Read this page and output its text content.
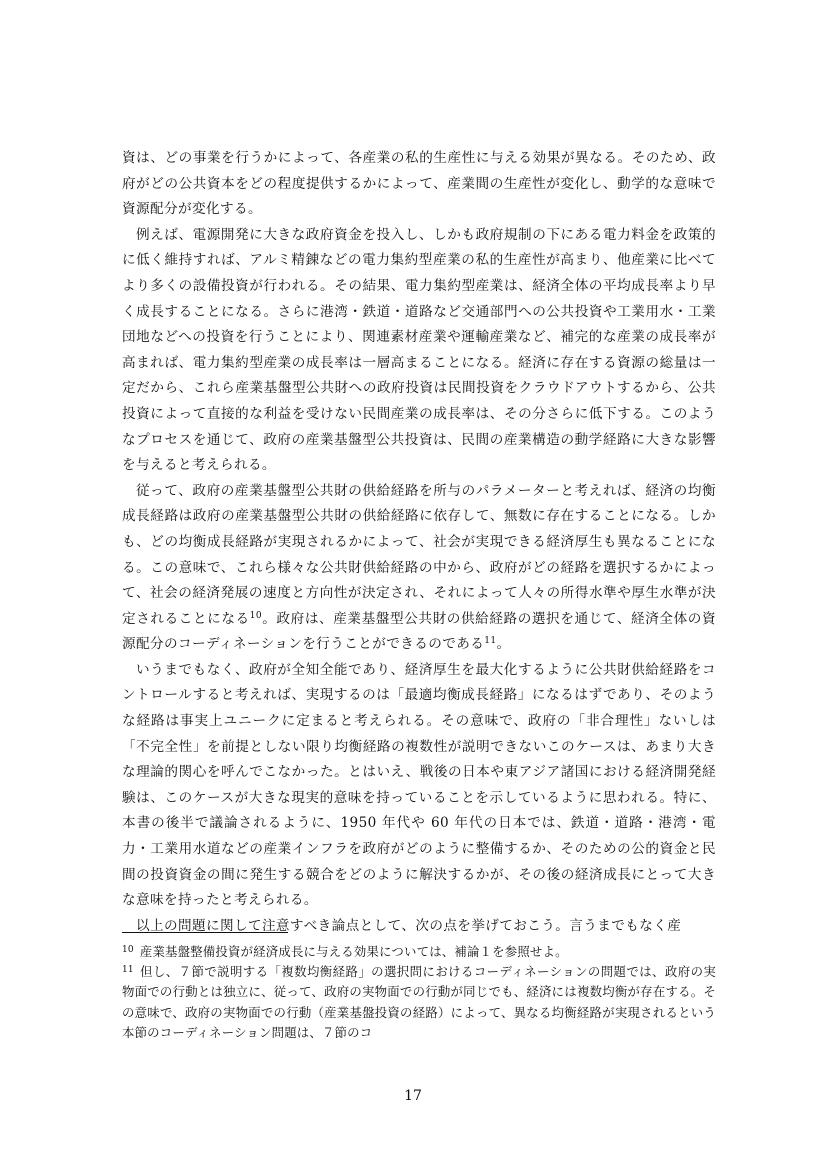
資は、どの事業を行うかによって、各産業の私的生産性に与える効果が異なる。そのため、政府がどの公共資本をどの程度提供するかによって、産業間の生産性が変化し、動学的な意味で資源配分が変化する。

例えば、電源開発に大きな政府資金を投入し、しかも政府規制の下にある電力料金を政策的に低く維持すれば、アルミ精錬などの電力集約型産業の私的生産性が高まり、他産業に比べてより多くの設備投資が行われる。その結果、電力集約型産業は、経済全体の平均成長率より早く成長することになる。さらに港湾・鉄道・道路など交通部門への公共投資や工業用水・工業団地などへの投資を行うことにより、関連素材産業や運輸産業など、補完的な産業の成長率が高まれば、電力集約型産業の成長率は一層高まることになる。経済に存在する資源の総量は一定だから、これら産業基盤型公共財への政府投資は民間投資をクラウドアウトするから、公共投資によって直接的な利益を受けない民間産業の成長率は、その分さらに低下する。このようなプロセスを通じて、政府の産業基盤型公共投資は、民間の産業構造の動学経路に大きな影響を与えると考えられる。

従って、政府の産業基盤型公共財の供給経路を所与のパラメーターと考えれば、経済の均衡成長経路は政府の産業基盤型公共財の供給経路に依存して、無数に存在することになる。しかも、どの均衡成長経路が実現されるかによって、社会が実現できる経済厚生も異なることになる。この意味で、これら様々な公共財供給経路の中から、政府がどの経路を選択するかによって、社会の経済発展の速度と方向性が決定され、それによって人々の所得水準や厚生水準が決定されることになる$^{10}$。政府は、産業基盤型公共財の供給経路の選択を通じて、経済全体の資源配分のコーディネーションを行うことができるのである$^{11}$。

いうまでもなく、政府が全知全能であり、経済厚生を最大化するように公共財供給経路をコントロールすると考えれば、実現するのは「最適均衡成長経路」になるはずであり、そのような経路は事実上ユニークに定まると考えられる。その意味で、政府の「非合理性」ないしは「不完全性」を前提としない限り均衡経路の複数性が説明できないこのケースは、あまり大きな理論的関心を呼んでこなかった。とはいえ、戦後の日本や東アジア諸国における経済開発経験は、このケースが大きな現実的意味を持っていることを示しているように思われる。特に、本書の後半で議論されるように、1950 年代や 60 年代の日本では、鉄道・道路・港湾・電力・工業用水道などの産業インフラを政府がどのように整備するか、そのための公的資金と民間の投資資金の間に発生する競合をどのように解決するかが、その後の経済成長にとって大きな意味を持ったと考えられる。

以上の問題に関して注意すべき論点として、次の点を挙げておこう。言うまでもなく産

$^{10}$ 産業基盤整備投資が経済成長に与える効果については、補論１を参照せよ。

$^{11}$ 但し、７節で説明する「複数均衡経路」の選択問におけるコーディネーションの問題では、政府の実物面での行動とは独立に、従って、政府の実物面での行動が同じでも、経済には複数均衡が存在する。その意味で、政府の実物面での行動（産業基盤投資の経路）によって、異なる均衡経路が実現されるという本節のコーディネーション問題は、７節のコ

17
